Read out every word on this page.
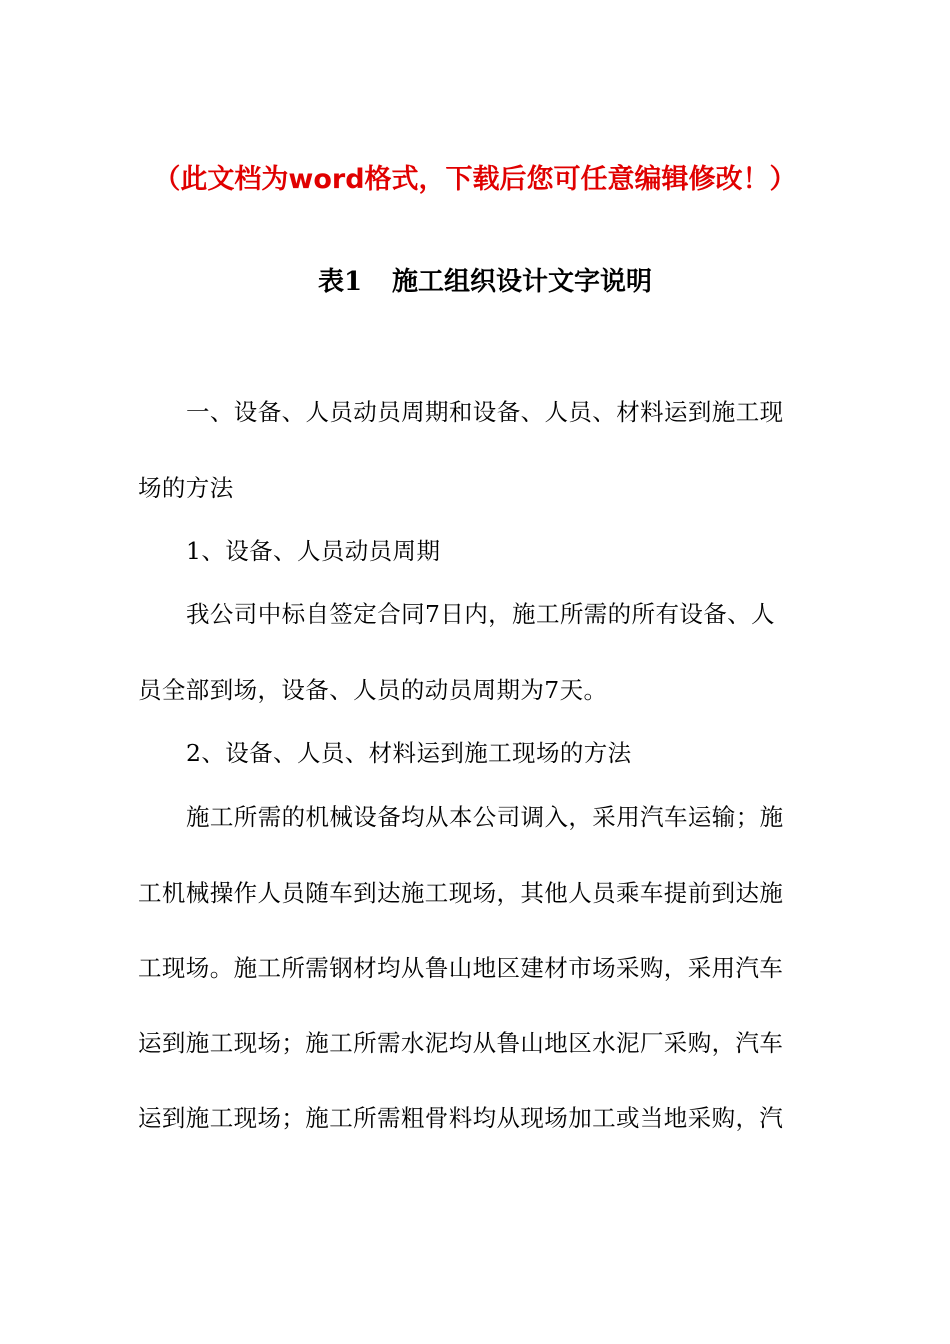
（此文档为word格式，下载后您可任意编辑修改！）
表1 施工组织设计文字说明
一、设备、人员动员周期和设备、人员、材料运到施工现
场的方法
1、设备、人员动员周期
我公司中标自签定合同7日内，施工所需的所有设备、人
员全部到场，设备、人员的动员周期为7天。
2、设备、人员、材料运到施工现场的方法
施工所需的机械设备均从本公司调入，采用汽车运输；施
工机械操作人员随车到达施工现场，其他人员乘车提前到达施
工现场。施工所需钢材均从鲁山地区建材市场采购，采用汽车
运到施工现场；施工所需水泥均从鲁山地区水泥厂采购，汽车
运到施工现场；施工所需粗骨料均从现场加工或当地采购，汽
